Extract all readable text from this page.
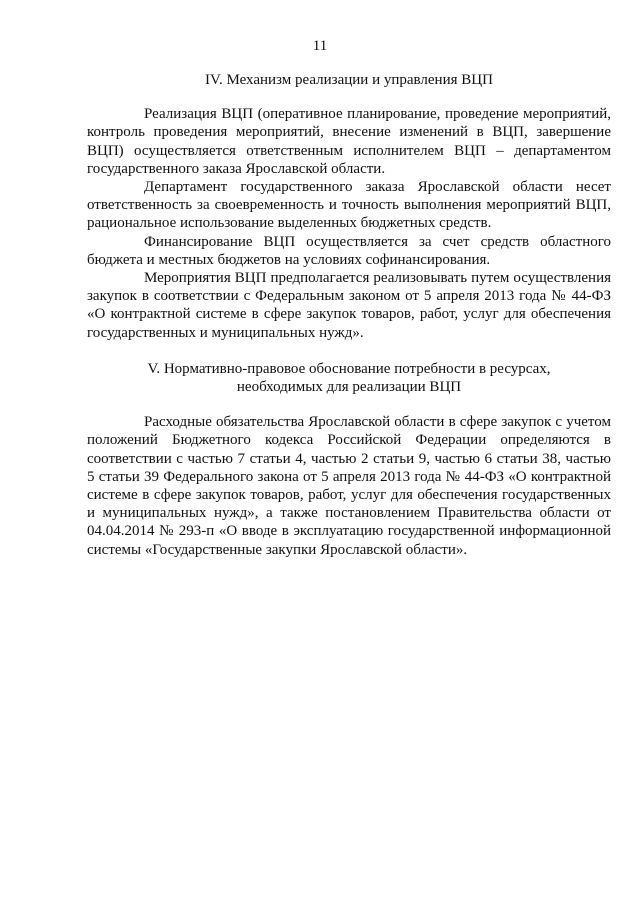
11
IV. Механизм реализации и управления ВЦП

Реализация ВЦП (оперативное планирование, проведение мероприятий, контроль проведения мероприятий, внесение изменений в ВЦП, завершение ВЦП) осуществляется ответственным исполнителем ВЦП – департаментом государственного заказа Ярославской области.

Департамент государственного заказа Ярославской области несет ответственность за своевременность и точность выполнения мероприятий ВЦП, рациональное использование выделенных бюджетных средств.

Финансирование ВЦП осуществляется за счет средств областного бюджета и местных бюджетов на условиях софинансирования.

Мероприятия ВЦП предполагается реализовывать путем осуществления закупок в соответствии с Федеральным законом от 5 апреля 2013 года № 44-ФЗ «О контрактной системе в сфере закупок товаров, работ, услуг для обеспечения государственных и муниципальных нужд».

V. Нормативно-правовое обоснование потребности в ресурсах,
необходимых для реализации ВЦП

Расходные обязательства Ярославской области в сфере закупок с учетом положений Бюджетного кодекса Российской Федерации определяются в соответствии с частью 7 статьи 4, частью 2 статьи 9, частью 6 статьи 38, частью 5 статьи 39 Федерального закона от 5 апреля 2013 года № 44-ФЗ «О контрактной системе в сфере закупок товаров, работ, услуг для обеспечения государственных и муниципальных нужд», а также постановлением Правительства области от 04.04.2014 № 293-п «О вводе в эксплуатацию государственной информационной системы «Государственные закупки Ярославской области».
